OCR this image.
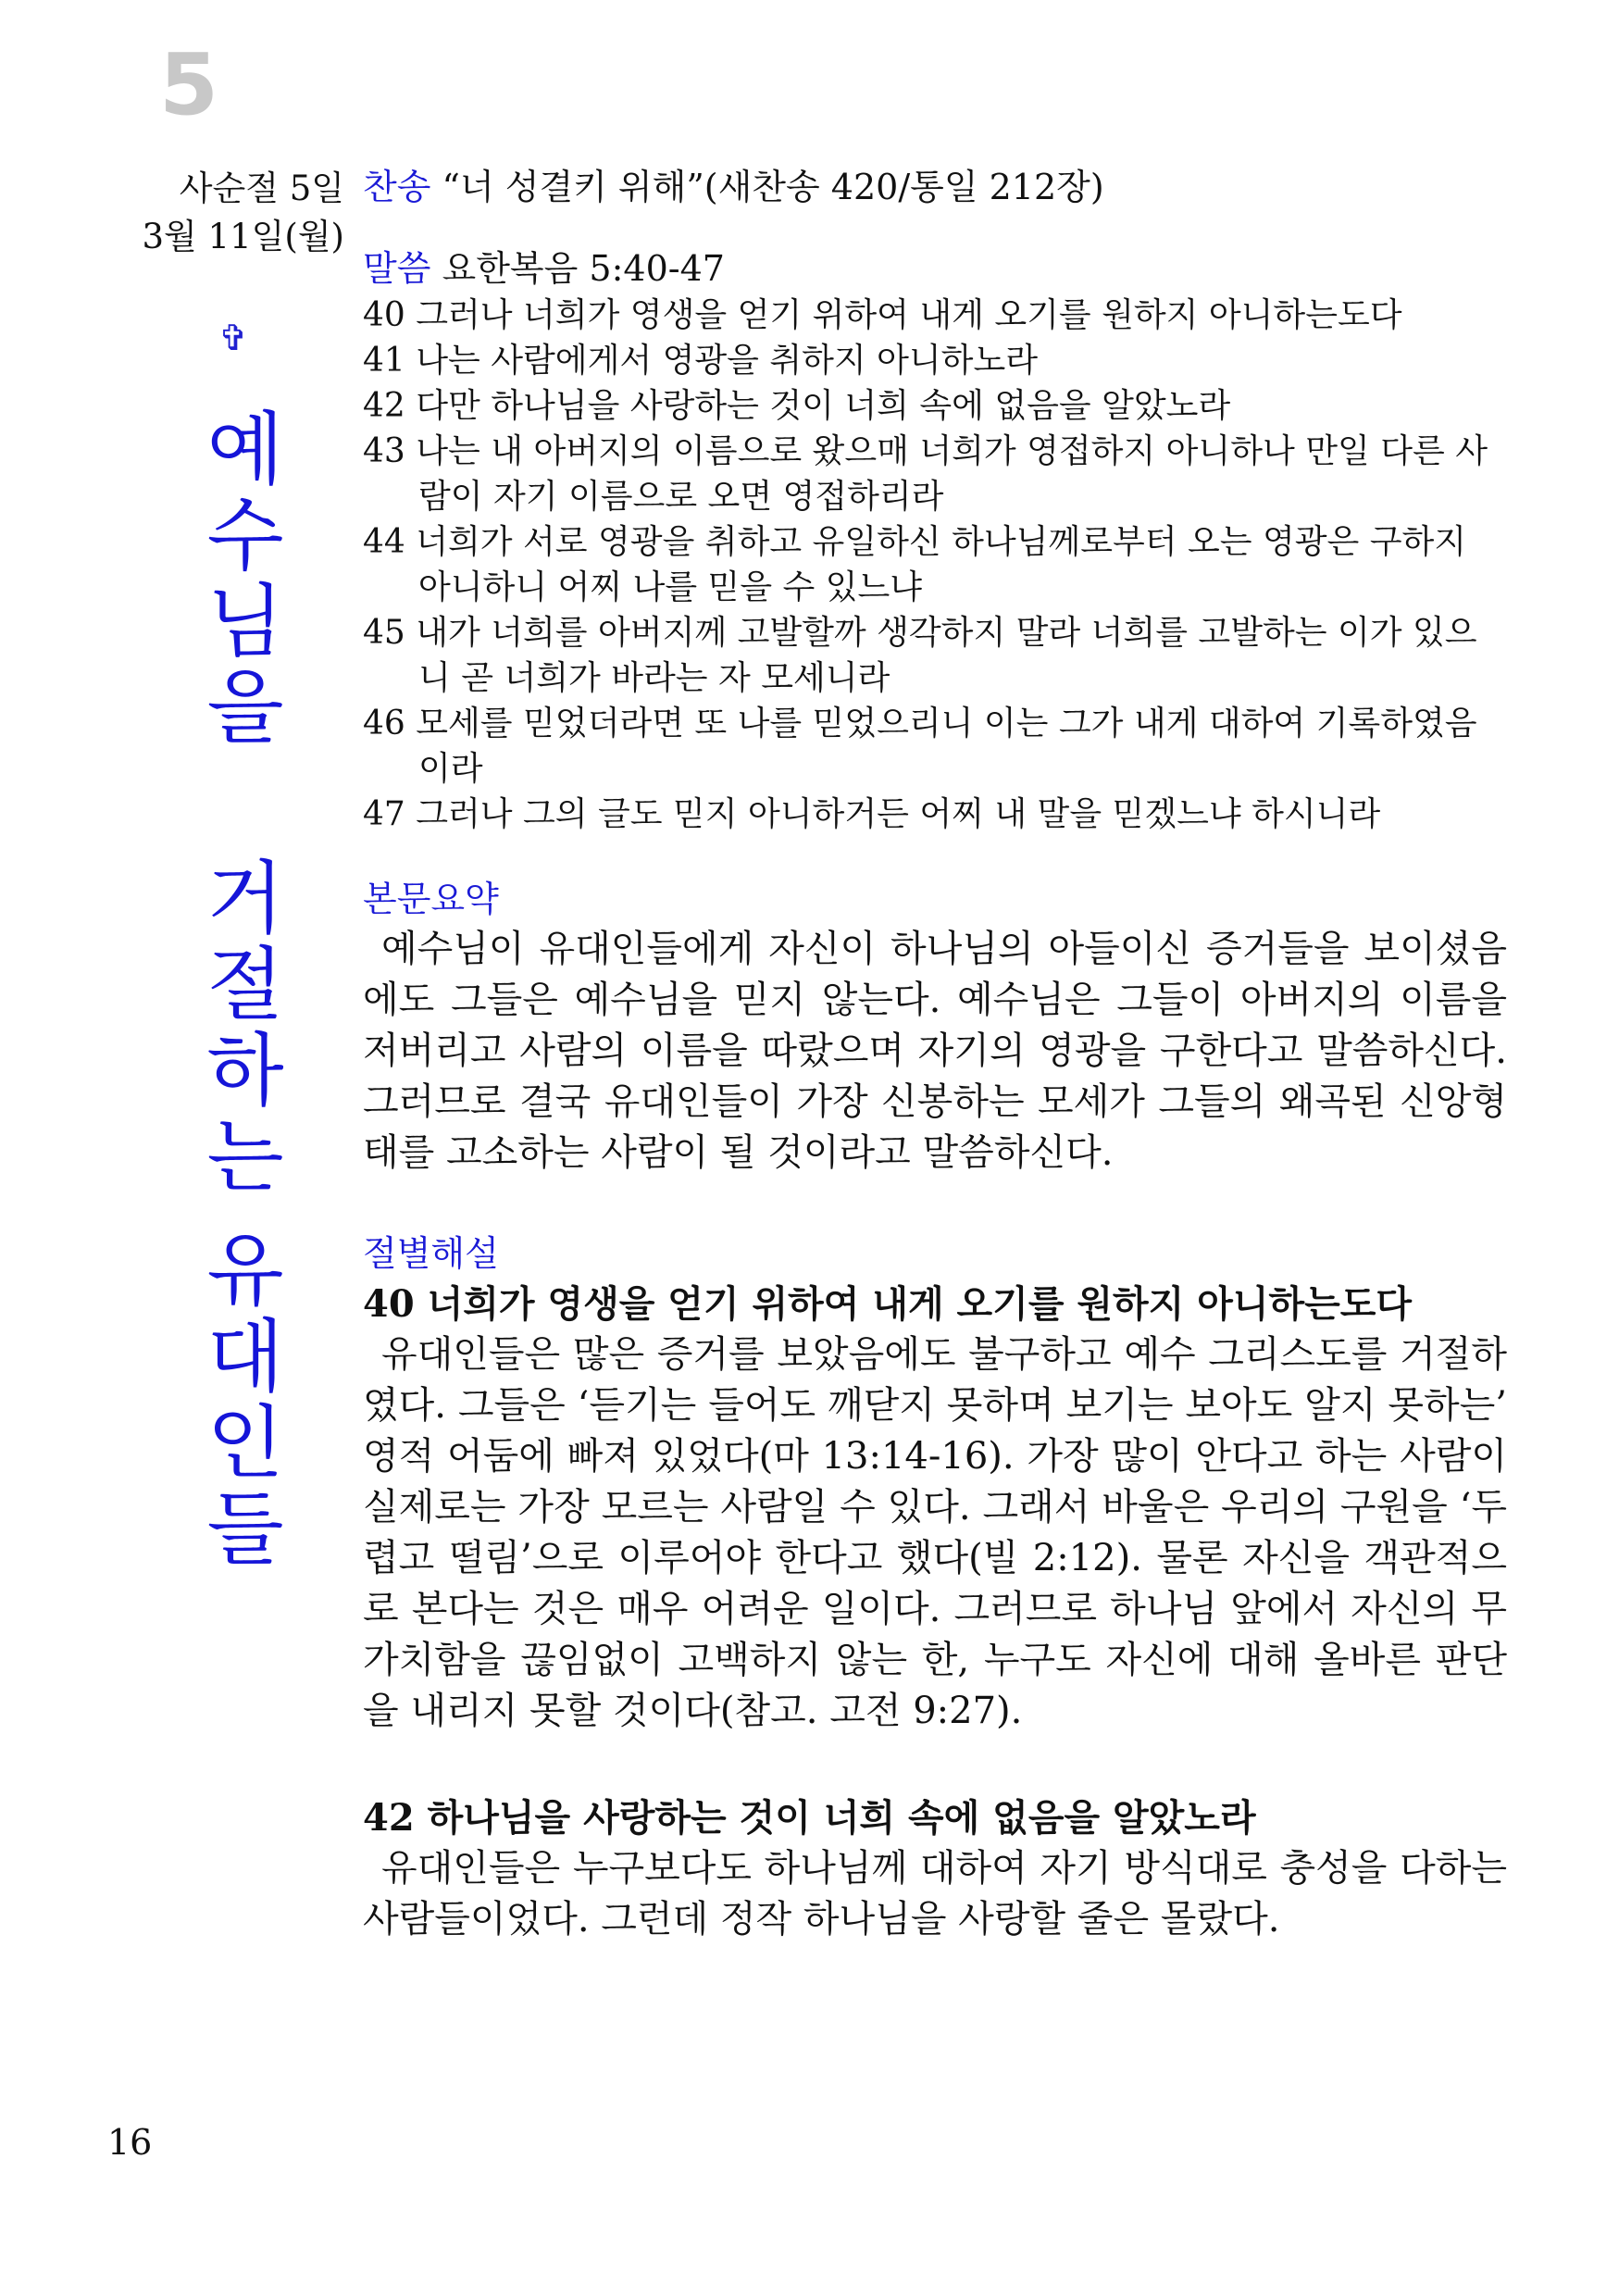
5
사순절 5일
3월 11일(월)
✞
예
수
님
을
거
절
하
는
유
대
인
들
찬송 “너 성결키 위해”(새찬송 420/통일 212장)
말씀 요한복음 5:40-47
40 그러나 너희가 영생을 얻기 위하여 내게 오기를 원하지 아니하는도다
41 나는 사람에게서 영광을 취하지 아니하노라
42 다만 하나님을 사랑하는 것이 너희 속에 없음을 알았노라
43 나는 내 아버지의 이름으로 왔으매 너희가 영접하지 아니하나 만일 다른 사람이 자기 이름으로 오면 영접하리라
44 너희가 서로 영광을 취하고 유일하신 하나님께로부터 오는 영광은 구하지 아니하니 어찌 나를 믿을 수 있느냐
45 내가 너희를 아버지께 고발할까 생각하지 말라 너희를 고발하는 이가 있으니 곧 너희가 바라는 자 모세니라
46 모세를 믿었더라면 또 나를 믿었으리니 이는 그가 내게 대하여 기록하였음이라
47 그러나 그의 글도 믿지 아니하거든 어찌 내 말을 믿겠느냐 하시니라
본문요약
예수님이 유대인들에게 자신이 하나님의 아들이신 증거들을 보이셨음에도 그들은 예수님을 믿지 않는다. 예수님은 그들이 아버지의 이름을 저버리고 사람의 이름을 따랐으며 자기의 영광을 구한다고 말씀하신다. 그러므로 결국 유대인들이 가장 신봉하는 모세가 그들의 왜곡된 신앙형태를 고소하는 사람이 될 것이라고 말씀하신다.
절별해설
40 너희가 영생을 얻기 위하여 내게 오기를 원하지 아니하는도다
유대인들은 많은 증거를 보았음에도 불구하고 예수 그리스도를 거절하였다. 그들은 ‘듣기는 들어도 깨닫지 못하며 보기는 보아도 알지 못하는’ 영적 어둠에 빠져 있었다(마 13:14-16). 가장 많이 안다고 하는 사람이 실제로는 가장 모르는 사람일 수 있다. 그래서 바울은 우리의 구원을 ‘두렵고 떨림’으로 이루어야 한다고 했다(빌 2:12). 물론 자신을 객관적으로 본다는 것은 매우 어려운 일이다. 그러므로 하나님 앞에서 자신의 무가치함을 끊임없이 고백하지 않는 한, 누구도 자신에 대해 올바른 판단을 내리지 못할 것이다(참고. 고전 9:27).
42 하나님을 사랑하는 것이 너희 속에 없음을 알았노라
유대인들은 누구보다도 하나님께 대하여 자기 방식대로 충성을 다하는 사람들이었다. 그런데 정작 하나님을 사랑할 줄은 몰랐다.
16
